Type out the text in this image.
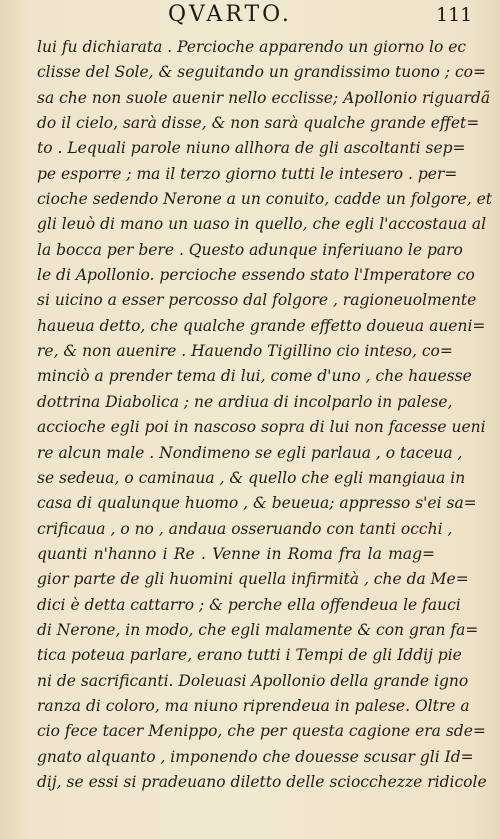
QVARTO.	111
lui fu dichiarata . Percioche apparendo un giorno lo ec
clisse del Sole, & seguitando un grandissimo tuono ; co=
sa che non suole auenir nello ecclisse; Apollonio riguardã
do il cielo, sarà disse, & non sarà qualche grande effet=
to . Lequali parole niuno allhora de gli ascoltanti sep=
pe esporre ; ma il terzo giorno tutti le intesero . per=
cioche sedendo Nerone a un conuito, cadde un folgore, et
gli leuò di mano un uaso in quello, che egli l'accostaua al
la bocca per bere . Questo adunque inferiuano le paro
le di Apollonio. percioche essendo stato l'Imperatore co
si uicino a esser percosso dal folgore , ragioneuolmente
haueua detto, che qualche grande effetto doueua aueni=
re, & non auenire . Hauendo Tigillino cio inteso, co=
minciò a prender tema di lui, come d'uno , che hauesse
dottrina Diabolica ; ne ardiua di incolparlo in palese,
accioche egli poi in nascoso sopra di lui non facesse ueni
re alcun male . Nondimeno se egli parlaua , o taceua ,
se sedeua, o caminaua , & quello che egli mangiaua in
casa di qualunque huomo , & beueua; appresso s'ei sa=
crificaua , o no , andaua osseruando con tanti occhi ,
quanti n'hanno i Re . Venne in Roma fra la mag=
gior parte de gli huomini quella infirmità , che da Me=
dici è detta cattarro ; & perche ella offendeua le fauci
di Nerone, in modo, che egli malamente & con gran fa=
tica poteua parlare, erano tutti i Tempi de gli Iddij pie
ni de sacrificanti. Doleuasi Apollonio della grande igno
ranza di coloro, ma niuno riprendeua in palese. Oltre a
cio fece tacer Menippo, che per questa cagione era sde=
gnato alquanto , imponendo che douesse scusar gli Id=
dij, se essi si pradeuano diletto delle sciocchezze ridicole
